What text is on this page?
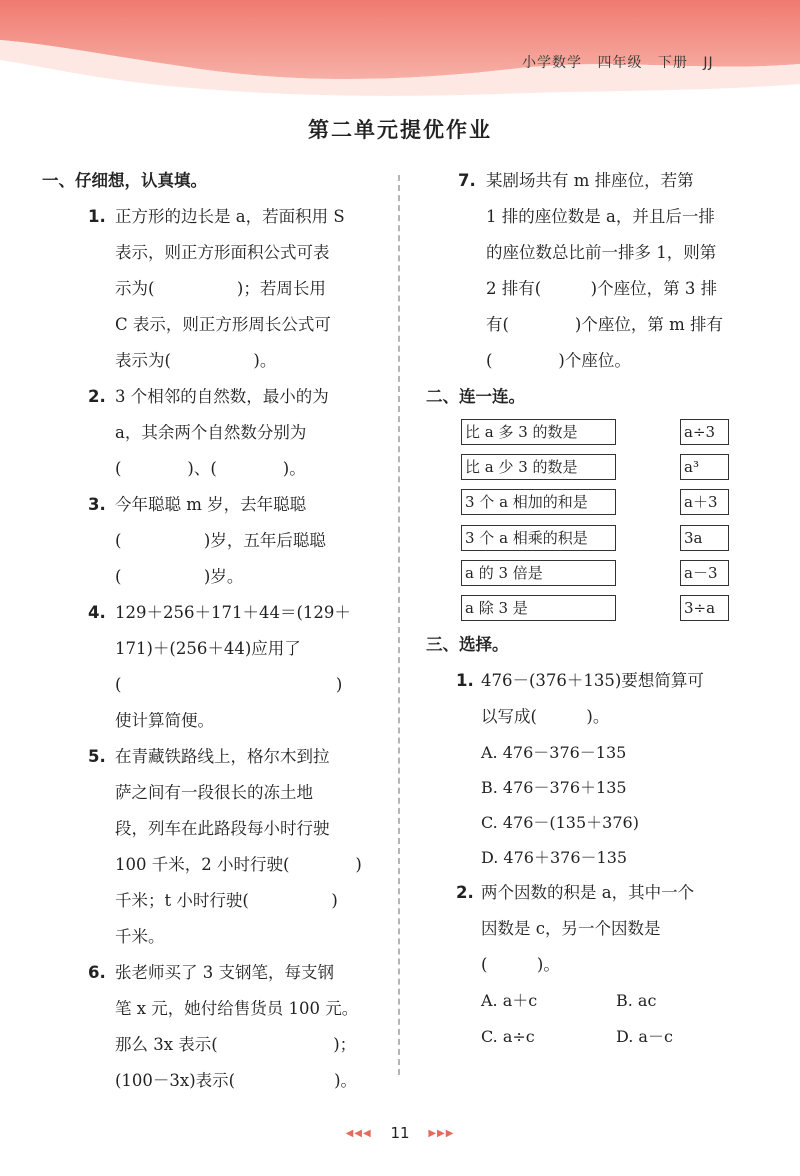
小学数学 四年级 下册 JJ
第二单元提优作业
一、仔细想，认真填。
1. 正方形的边长是 a，若面积用 S
表示，则正方形面积公式可表
示为(　　　　　)；若周长用
C 表示，则正方形周长公式可
表示为(　　　　　)。
2. 3 个相邻的自然数，最小的为
a，其余两个自然数分别为
(　　　　)、(　　　　)。
3. 今年聪聪 m 岁，去年聪聪
(　　　　　)岁，五年后聪聪
(　　　　　)岁。
4. 129＋256＋171＋44＝(129＋
171)＋(256＋44)应用了
(　　　　　　　　　　　　　)
使计算简便。
5. 在青藏铁路线上，格尔木到拉
萨之间有一段很长的冻土地
段，列车在此路段每小时行驶
100 千米，2 小时行驶(　　　　)
千米；t 小时行驶(　　　　　)
千米。
6. 张老师买了 3 支钢笔，每支钢
笔 x 元，她付给售货员 100 元。
那么 3x 表示(　　　　　　　)；
(100－3x)表示(　　　　　　)。
7. 某剧场共有 m 排座位，若第
1 排的座位数是 a，并且后一排
的座位数总比前一排多 1，则第
2 排有(　　　)个座位，第 3 排
有(　　　　)个座位，第 m 排有
(　　　　)个座位。
二、连一连。
比 a 多 3 的数是	a÷3
比 a 少 3 的数是	a³
3 个 a 相加的和是	a＋3
3 个 a 相乘的积是	3a
a 的 3 倍是	a－3
a 除 3 是	3÷a
三、选择。
1. 476－(376＋135)要想简算可
以写成(　　　)。
A. 476－376－135
B. 476－376＋135
C. 476－(135＋376)
D. 476＋376－135
2. 两个因数的积是 a，其中一个
因数是 c，另一个因数是
(　　　)。
A. a＋c	B. ac
C. a÷c	D. a－c
◀◀◀ 11 ▶▶▶
